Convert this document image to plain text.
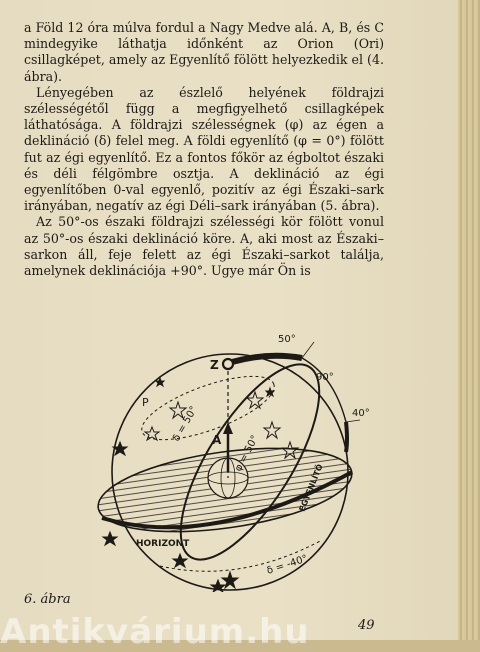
a Föld 12 óra múlva fordul a Nagy Medve alá. A, B, és C mindegyike láthatja időnként az Orion (Ori) csillagképet, amely az Egyenlítő fölött helyezkedik el (4. ábra).

Lényegében az észlelő helyének földrajzi szélességétől függ a megfigyelhető csillagképek láthatósága. A földrajzi szélességnek (φ) az égen a deklináció (δ) felel meg. A földi egyenlítő (φ = 0°) fölött fut az égi egyenlítő. Ez a fontos főkör az égboltot északi és déli félgömbre osztja. A deklináció az égi egyenlítőben 0-val egyenlő, pozitív az égi Északi–sark irányában, negatív az égi Déli–sark irányában (5. ábra).

Az 50°-os északi földrajzi szélességi kör fölött vonul az 50°-os északi deklináció köre. A, aki most az Északi–sarkon áll, feje felett az égi Északi–sarkot találja, amelynek deklinációja +90°. Ugye már Ön is

Z
P
A
δ = 50°
φ = 50°
50°
90°
40°
HORIZONT
EGYENLÍTŐ
δ = -40°
6. ábra
49
Antikvárium.hu
